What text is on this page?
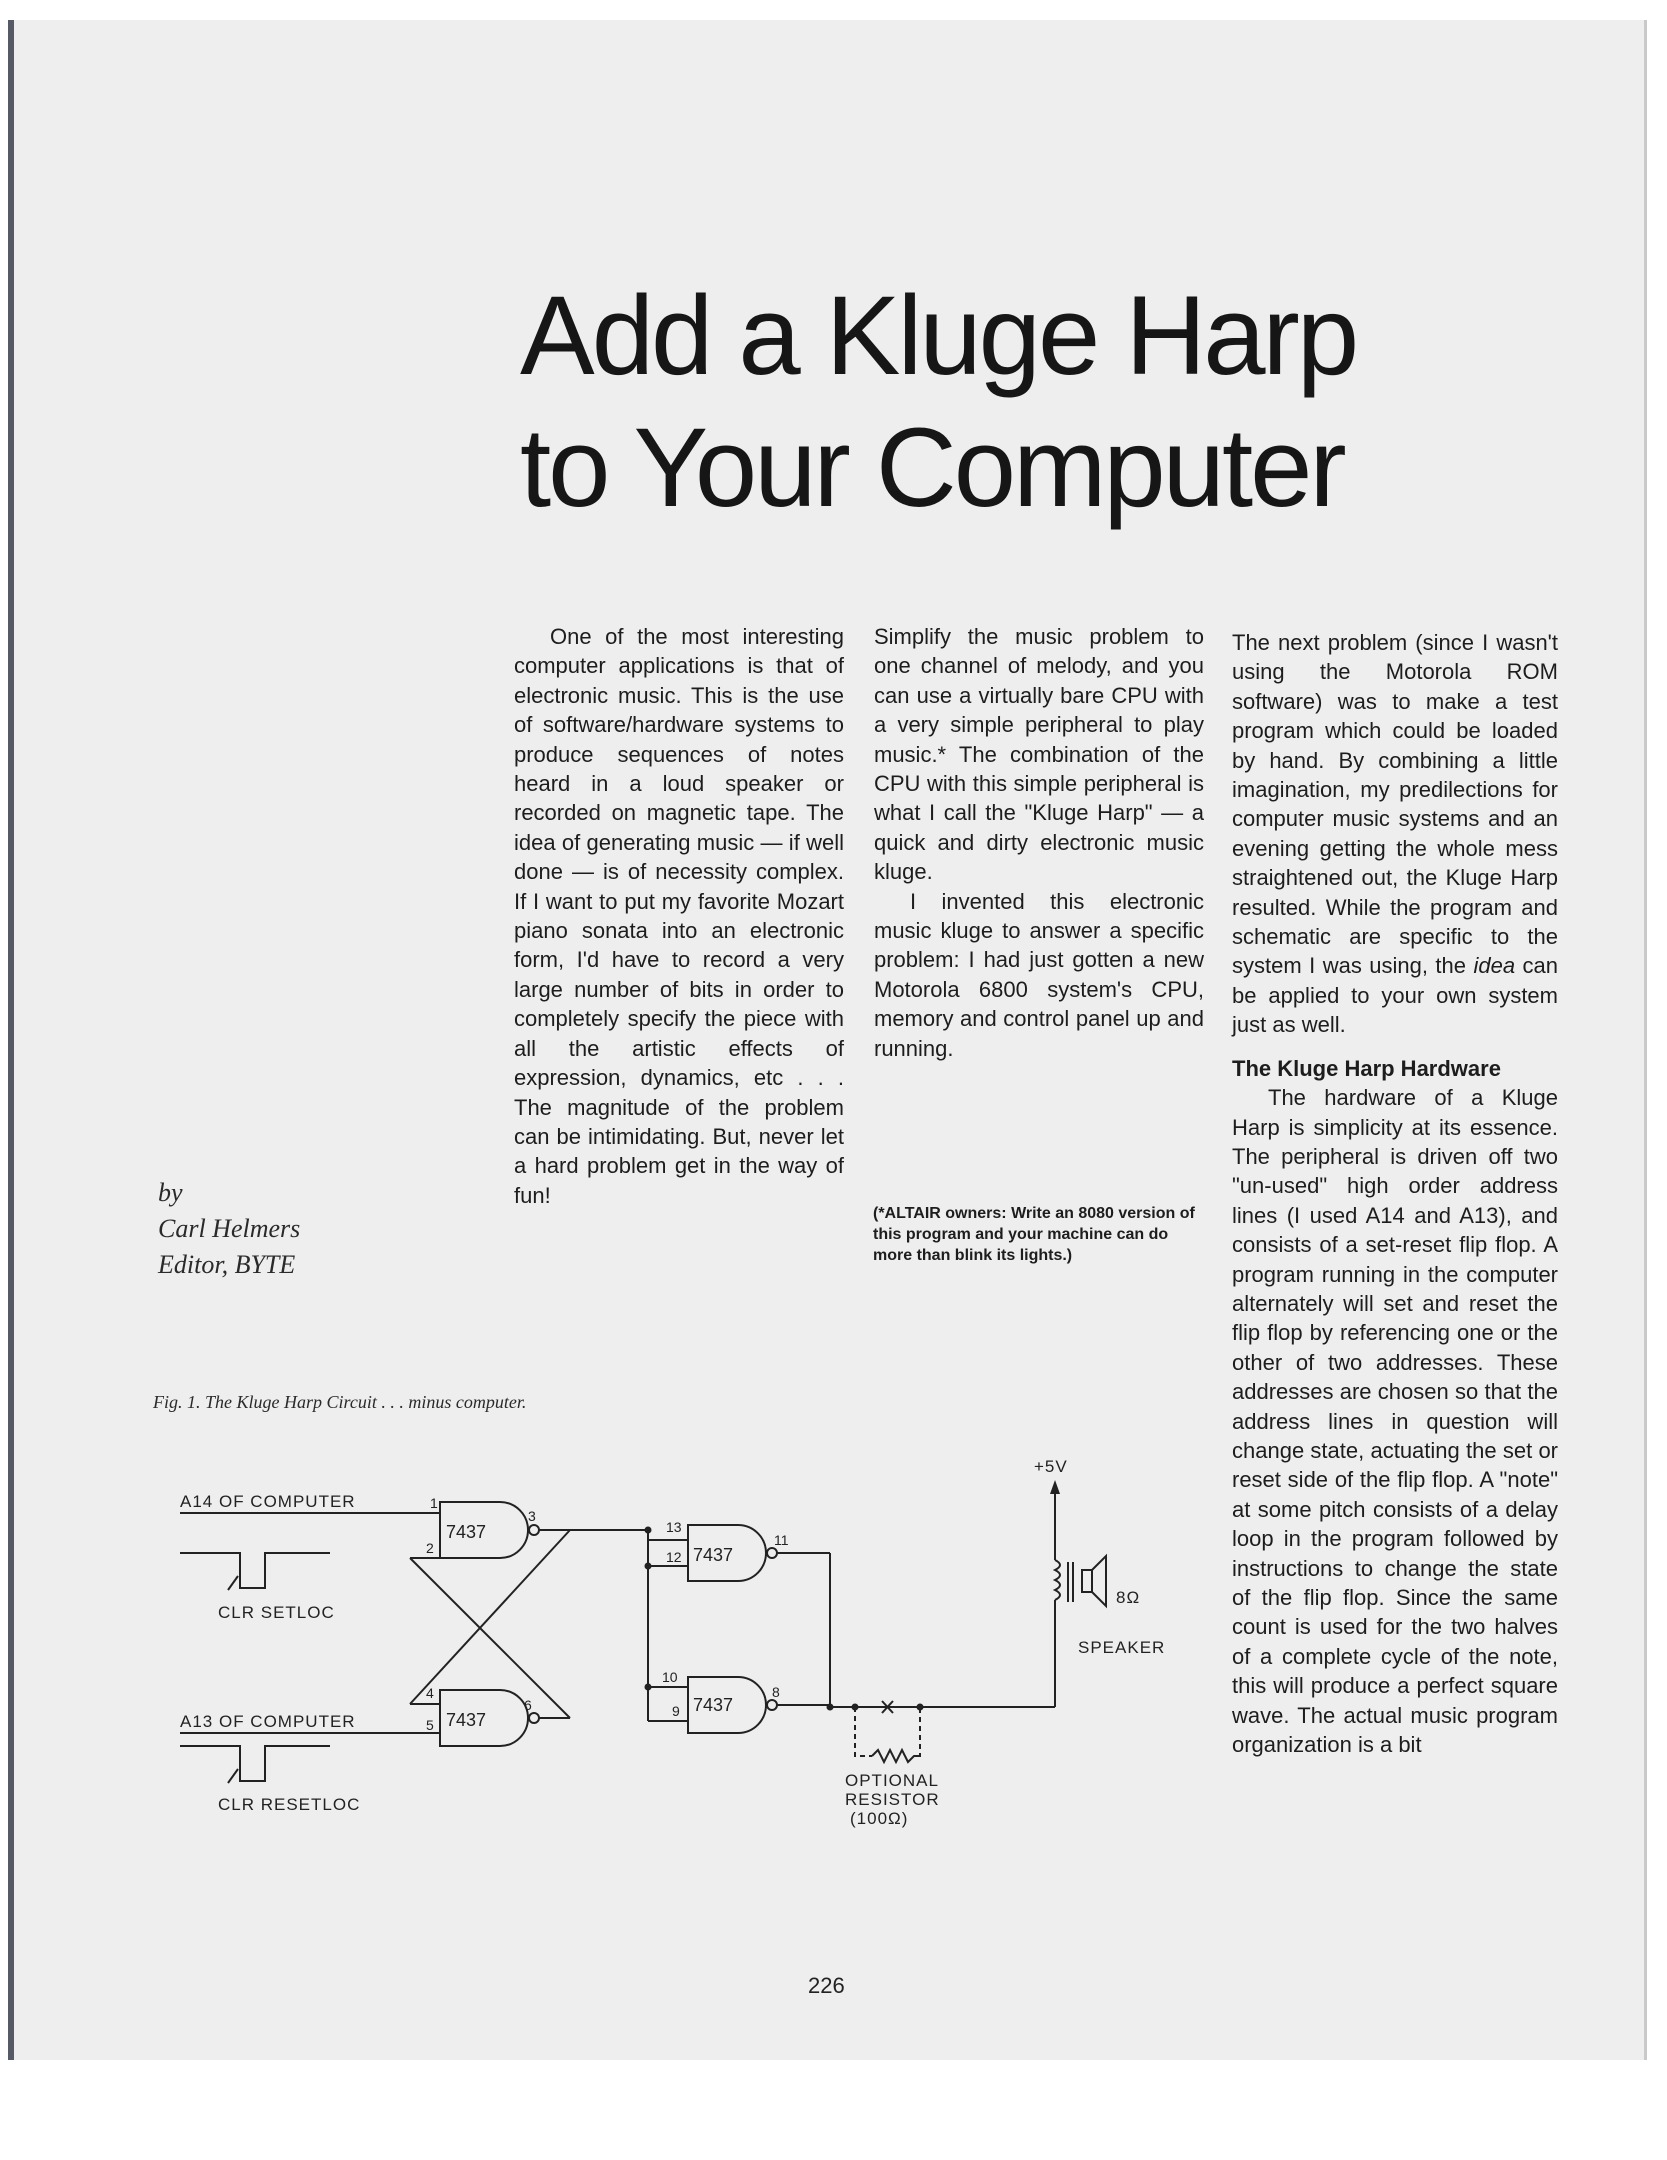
Add a Kluge Harp
to Your Computer

One of the most interesting computer applications is that of electronic music. This is the use of software/hardware systems to produce sequences of notes heard in a loud speaker or recorded on magnetic tape. The idea of generating music — if well done — is of necessity complex. If I want to put my favorite Mozart piano sonata into an electronic form, I'd have to record a very large number of bits in order to completely specify the piece with all the artistic effects of expression, dynamics, etc . . . The magnitude of the problem can be intimidating. But, never let a hard problem get in the way of fun!

Simplify the music problem to one channel of melody, and you can use a virtually bare CPU with a very simple peripheral to play music.* The combination of the CPU with this simple peripheral is what I call the "Kluge Harp" — a quick and dirty electronic music kluge.

I invented this electronic music kluge to answer a specific problem: I had just gotten a new Motorola 6800 system's CPU, memory and control panel up and running.

(*ALTAIR owners: Write an 8080 version of this program and your machine can do more than blink its lights.)

The next problem (since I wasn't using the Motorola ROM software) was to make a test program which could be loaded by hand. By combining a little imagination, my predilections for computer music systems and an evening getting the whole mess straightened out, the Kluge Harp resulted. While the program and schematic are specific to the system I was using, the idea can be applied to your own system just as well.

The Kluge Harp Hardware

The hardware of a Kluge Harp is simplicity at its essence. The peripheral is driven off two "un-used" high order address lines (I used A14 and A13), and consists of a set-reset flip flop. A program running in the computer alternately will set and reset the flip flop by referencing one or the other of two addresses. These addresses are chosen so that the address lines in question will change state, actuating the set or reset side of the flip flop. A "note" at some pitch consists of a delay loop in the program followed by instructions to change the state of the flip flop. Since the same count is used for the two halves of a complete cycle of the note, this will produce a perfect square wave. The actual music program organization is a bit

by
Carl Helmers
Editor, BYTE

Fig. 1. The Kluge Harp Circuit . . . minus computer.

A14 OF COMPUTER
A13 OF COMPUTER
CLR SETLOC
CLR RESETLOC
7437
7437
7437
7437
1
2
3
4
5
6
8
9
10
11
12
13
+5V
8Ω
SPEAKER
OPTIONAL
RESISTOR
(100Ω)
226
